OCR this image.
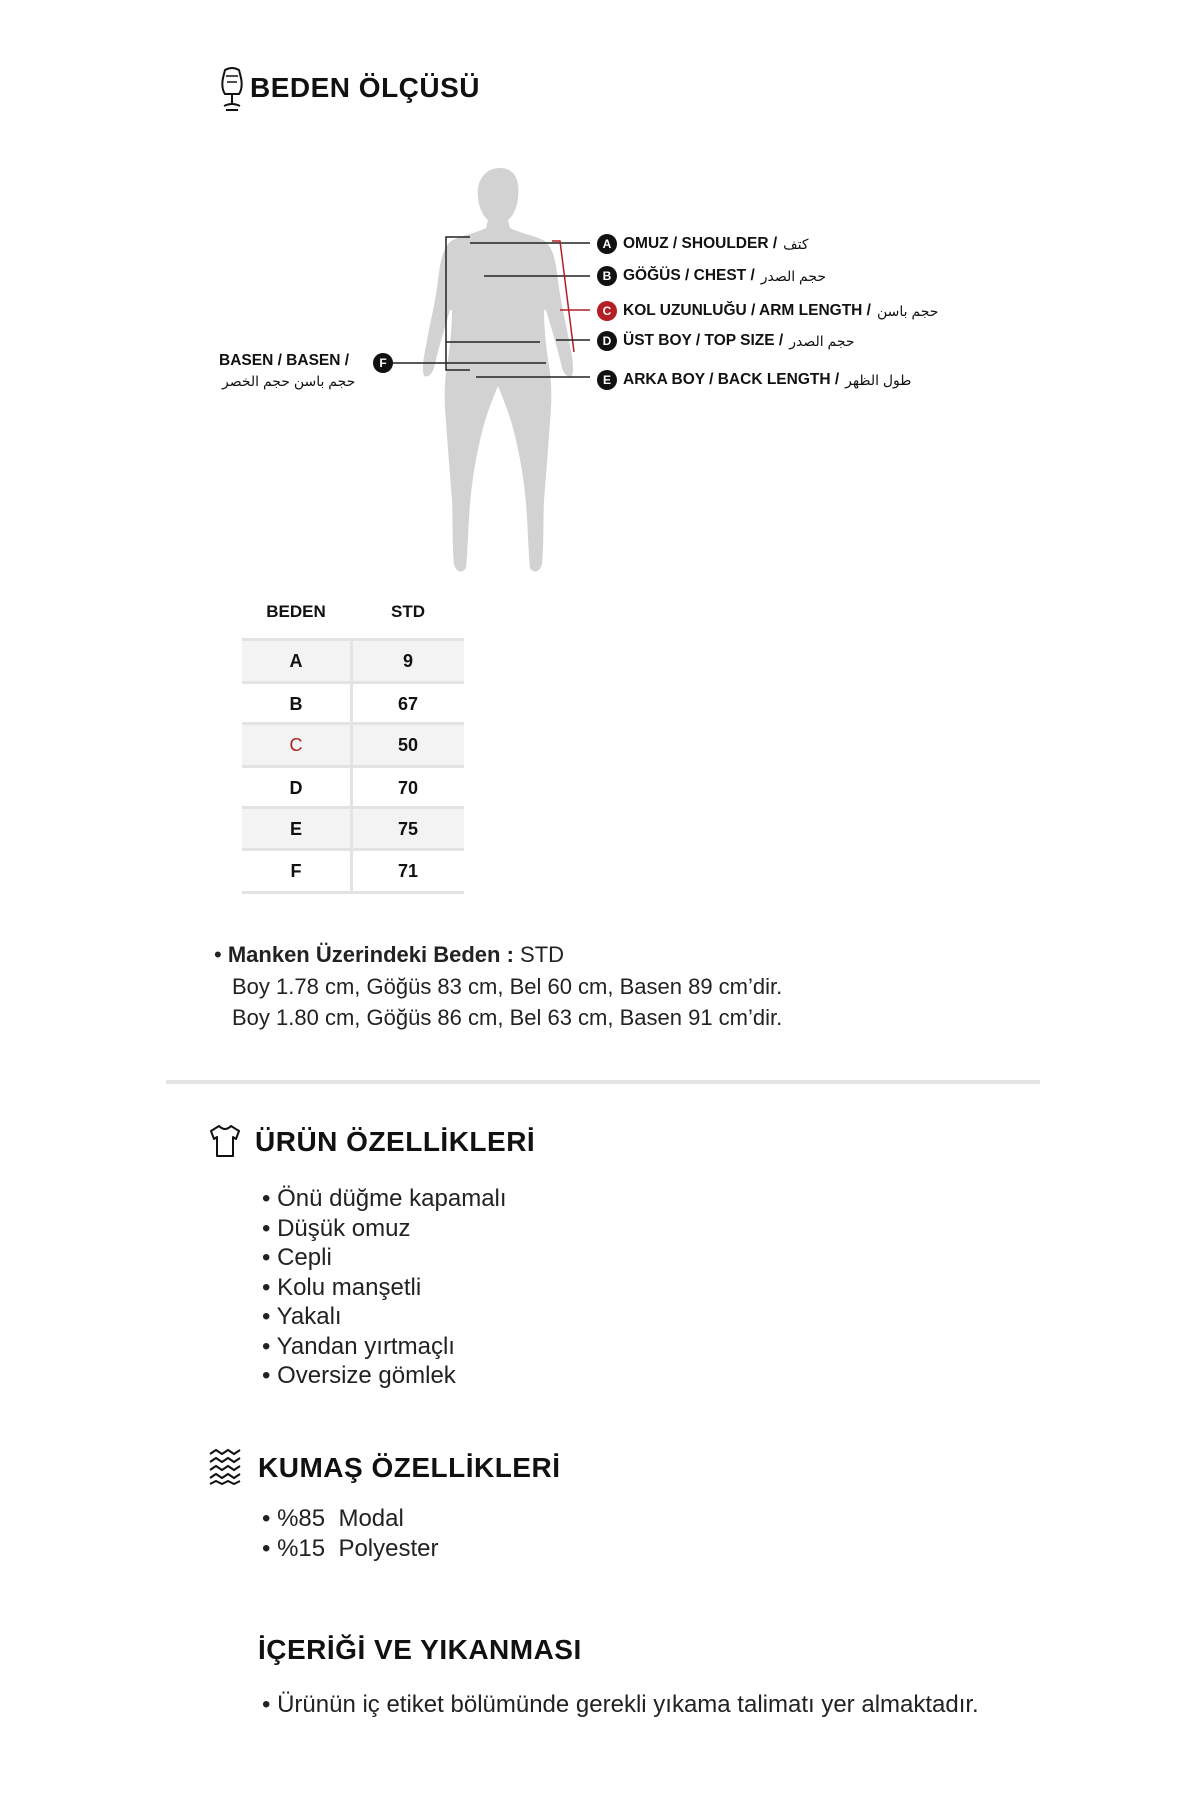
BEDEN ÖLÇÜSÜ
A OMUZ / SHOULDER / كتف
B GÖĞÜS / CHEST / حجم الصدر
C KOL UZUNLUĞU / ARM LENGTH / حجم باسن
D ÜST BOY / TOP SIZE / حجم الصدر
E ARKA BOY / BACK LENGTH / طول الظهر
BASEN / BASEN /	F
حجم باسن حجم الخصر
BEDEN	STD
A	9
B	67
C	50
D	70
E	75
F	71
• Manken Üzerindeki Beden : STD
Boy 1.78 cm, Göğüs 83 cm, Bel 60 cm, Basen 89 cm’dir.
Boy 1.80 cm, Göğüs 86 cm, Bel 63 cm, Basen 91 cm’dir.
ÜRÜN ÖZELLİKLERİ
• Önü düğme kapamalı
• Düşük omuz
• Cepli
• Kolu manşetli
• Yakalı
• Yandan yırtmaçlı
• Oversize gömlek
KUMAŞ ÖZELLİKLERİ
• %85  Modal
• %15  Polyester
İÇERİĞİ VE YIKANMASI
• Ürünün iç etiket bölümünde gerekli yıkama talimatı yer almaktadır.
